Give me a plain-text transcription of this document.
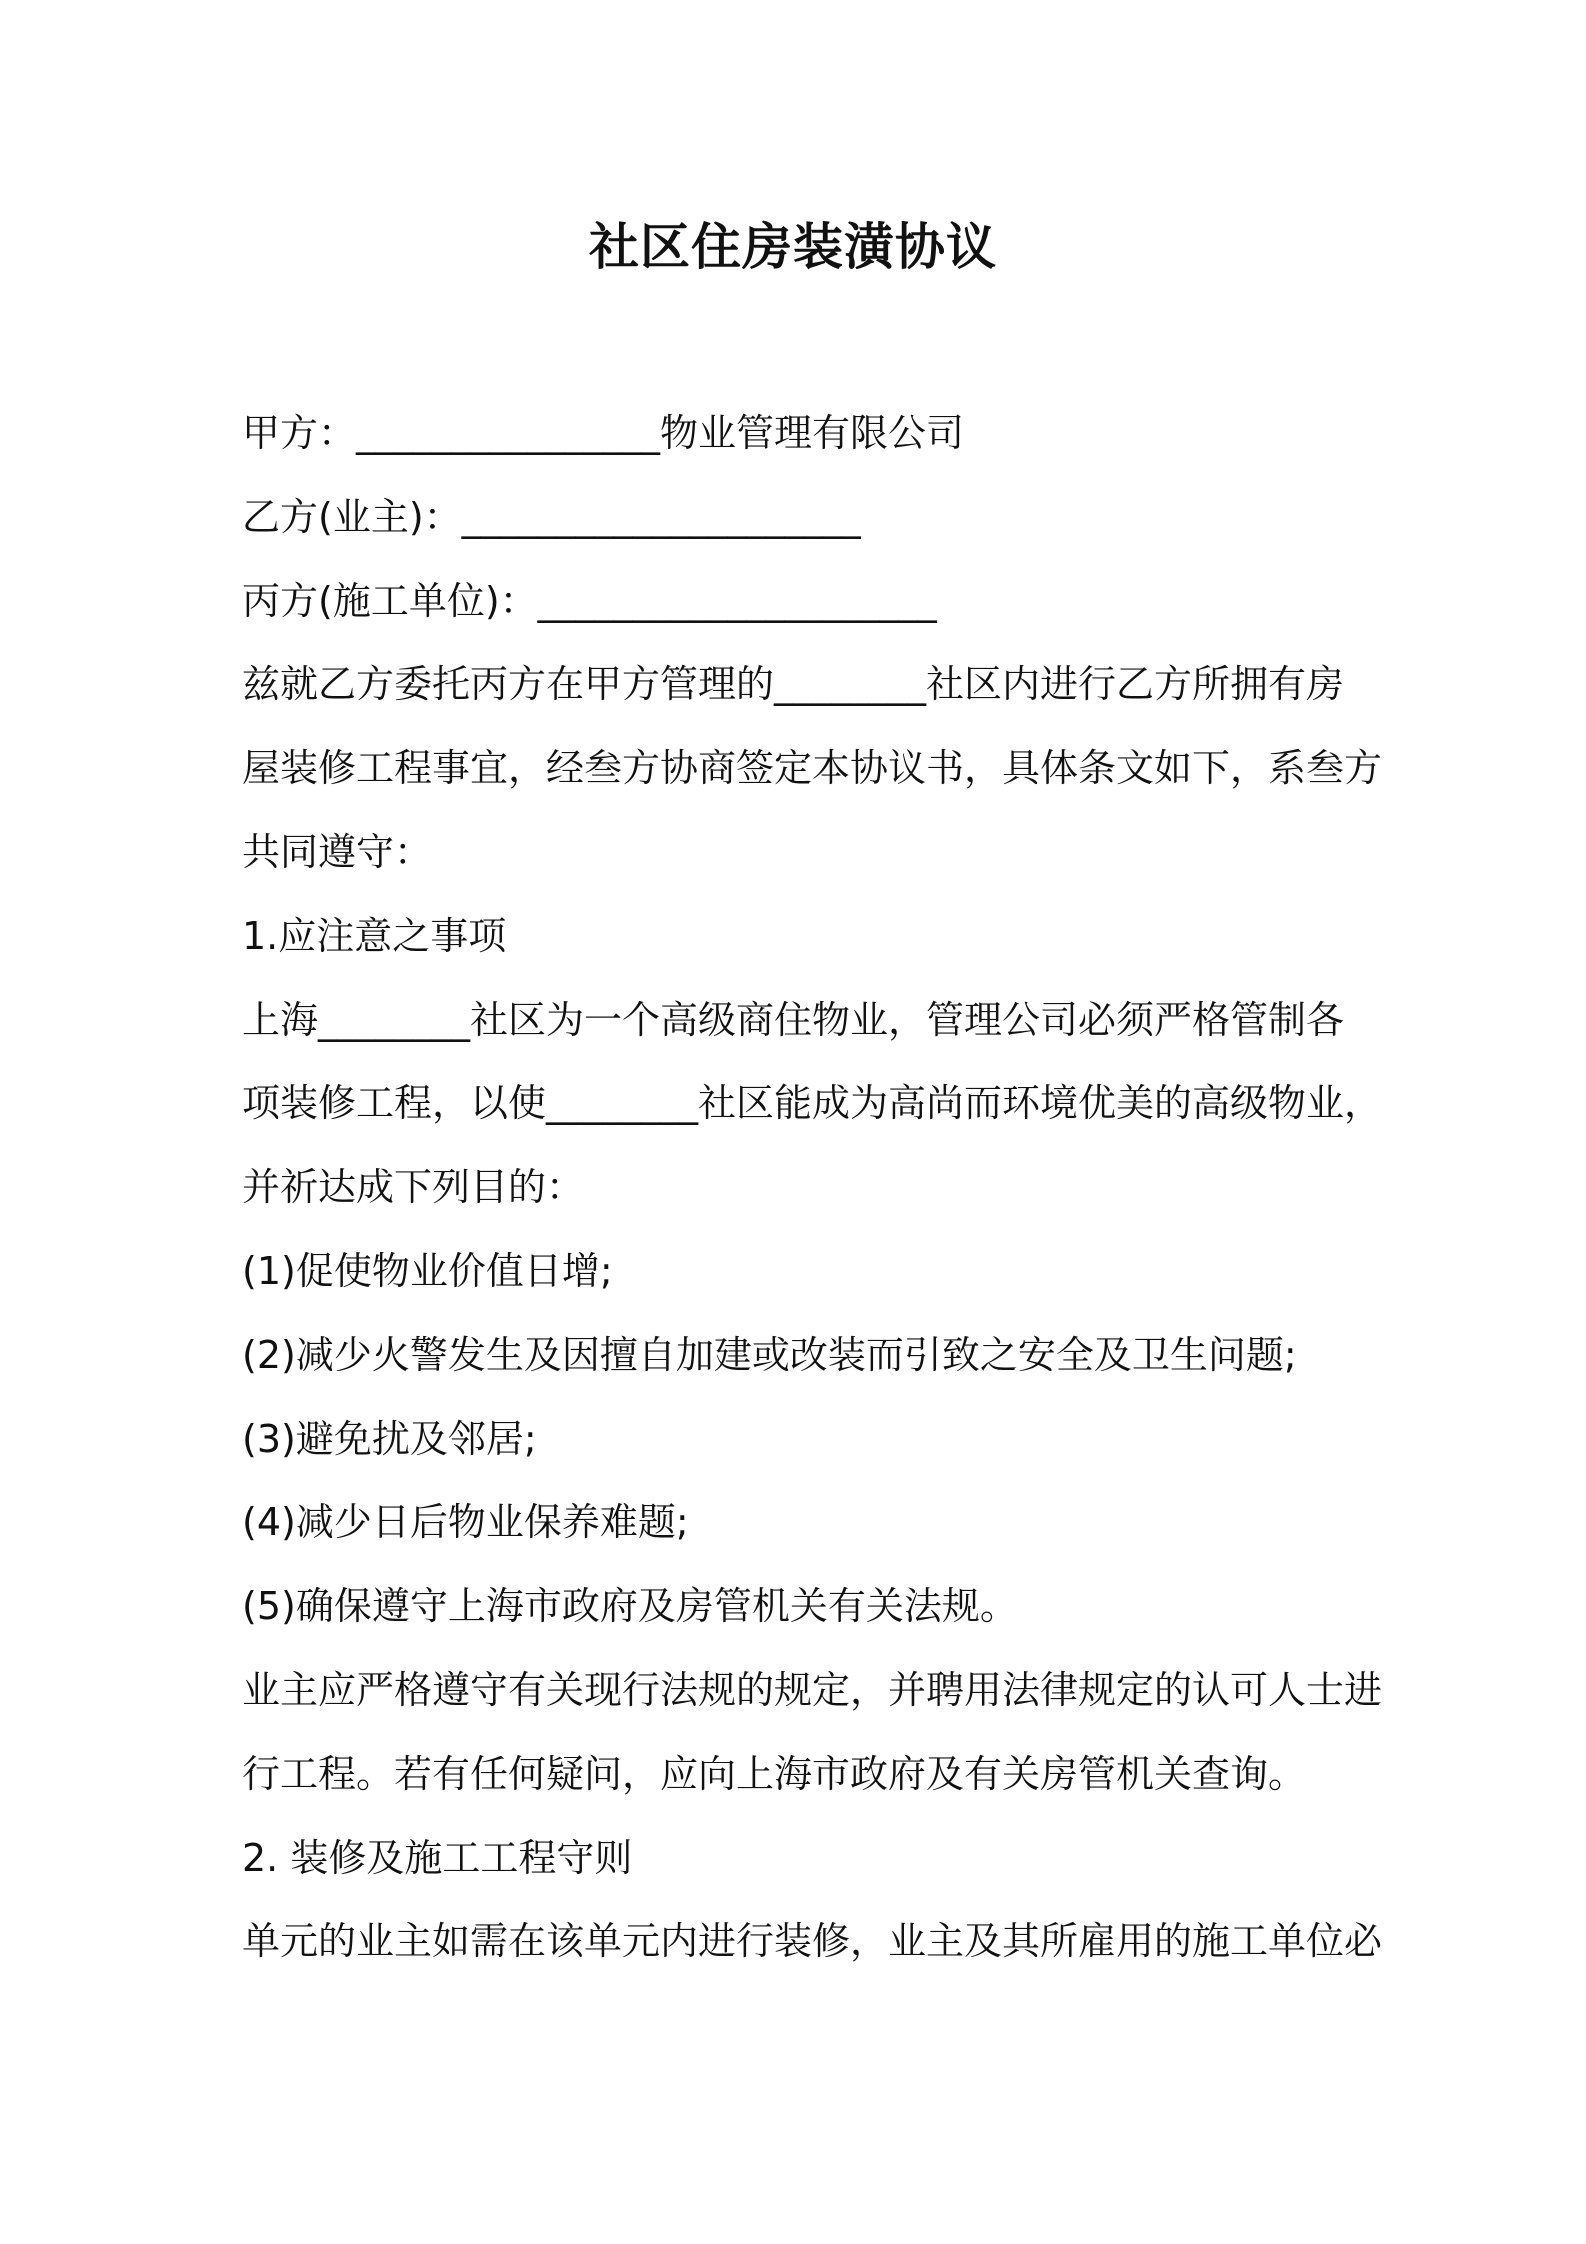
社区住房装潢协议
甲方：________________物业管理有限公司
乙方(业主)：_____________________
丙方(施工单位)：_____________________
兹就乙方委托丙方在甲方管理的________社区内进行乙方所拥有房
屋装修工程事宜，经叁方协商签定本协议书，具体条文如下，系叁方
共同遵守：
1.应注意之事项
上海________社区为一个高级商住物业，管理公司必须严格管制各
项装修工程，以使________社区能成为高尚而环境优美的高级物业，
并祈达成下列目的：
(1)促使物业价值日增;
(2)减少火警发生及因擅自加建或改装而引致之安全及卫生问题;
(3)避免扰及邻居;
(4)减少日后物业保养难题;
(5)确保遵守上海市政府及房管机关有关法规。
业主应严格遵守有关现行法规的规定，并聘用法律规定的认可人士进
行工程。若有任何疑问，应向上海市政府及有关房管机关查询。
2. 装修及施工工程守则
单元的业主如需在该单元内进行装修，业主及其所雇用的施工单位必
